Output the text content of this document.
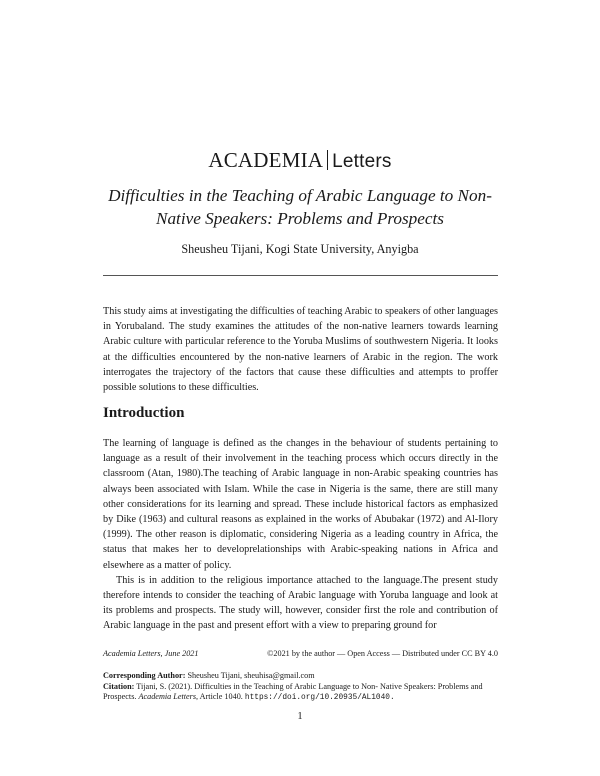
ACADEMIA Letters
Difficulties in the Teaching of Arabic Language to Non-Native Speakers: Problems and Prospects
Sheusheu Tijani, Kogi State University, Anyigba
This study aims at investigating the difficulties of teaching Arabic to speakers of other languages in Yorubaland. The study examines the attitudes of the non-native learners towards learning Arabic culture with particular reference to the Yoruba Muslims of southwestern Nigeria. It looks at the difficulties encountered by the non-native learners of Arabic in the region. The work interrogates the trajectory of the factors that cause these difficulties and attempts to proffer possible solutions to these difficulties.
Introduction

The learning of language is defined as the changes in the behaviour of students pertaining to language as a result of their involvement in the teaching process which occurs directly in the classroom (Atan, 1980).The teaching of Arabic language in non-Arabic speaking countries has always been associated with Islam. While the case in Nigeria is the same, there are still many other considerations for its learning and spread. These include historical factors as emphasized by Dike (1963) and cultural reasons as explained in the works of Abubakar (1972) and Al-Ilory (1999). The other reason is diplomatic, considering Nigeria as a leading country in Africa, the status that makes her to developrelationships with Arabic-speaking nations in Africa and elsewhere as a matter of policy.

This is in addition to the religious importance attached to the language.The present study therefore intends to consider the teaching of Arabic language with Yoruba language and look at its problems and prospects. The study will, however, consider first the role and contribution of Arabic language in the past and present effort with a view to preparing ground for

Academia Letters, June 2021	©2021 by the author — Open Access — Distributed under CC BY 4.0
Corresponding Author: Sheusheu Tijani, sheuhisa@gmail.com
Citation: Tijani, S. (2021). Difficulties in the Teaching of Arabic Language to Non- Native Speakers: Problems and Prospects. Academia Letters, Article 1040. https://doi.org/10.20935/AL1040.
1
